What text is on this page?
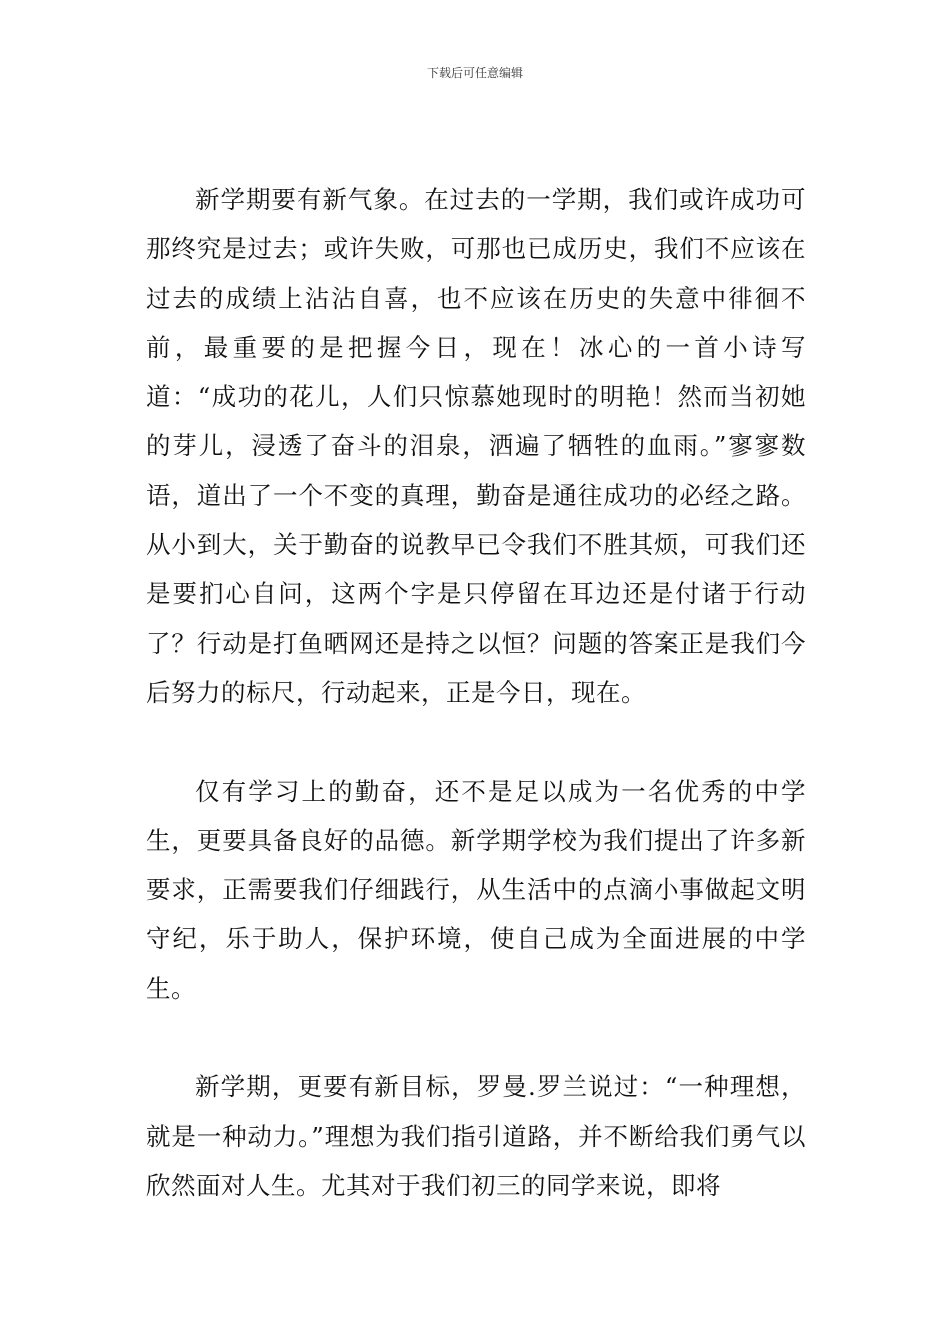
下载后可任意编辑

新学期要有新气象。在过去的一学期，我们或许成功可那终究是过去；或许失败，可那也已成历史，我们不应该在过去的成绩上沾沾自喜，也不应该在历史的失意中徘徊不前，最重要的是把握今日，现在！冰心的一首小诗写道：“成功的花儿，人们只惊慕她现时的明艳！然而当初她的芽儿，浸透了奋斗的泪泉，洒遍了牺牲的血雨。”寥寥数语，道出了一个不变的真理，勤奋是通往成功的必经之路。从小到大，关于勤奋的说教早已令我们不胜其烦，可我们还是要扪心自问，这两个字是只停留在耳边还是付诸于行动了？行动是打鱼晒网还是持之以恒？问题的答案正是我们今后努力的标尺，行动起来，正是今日，现在。

仅有学习上的勤奋，还不是足以成为一名优秀的中学生，更要具备良好的品德。新学期学校为我们提出了许多新要求，正需要我们仔细践行，从生活中的点滴小事做起文明守纪，乐于助人，保护环境，使自己成为全面进展的中学生。

新学期，更要有新目标，罗曼.罗兰说过：“一种理想，就是一种动力。”理想为我们指引道路，并不断给我们勇气以欣然面对人生。尤其对于我们初三的同学来说，即将
